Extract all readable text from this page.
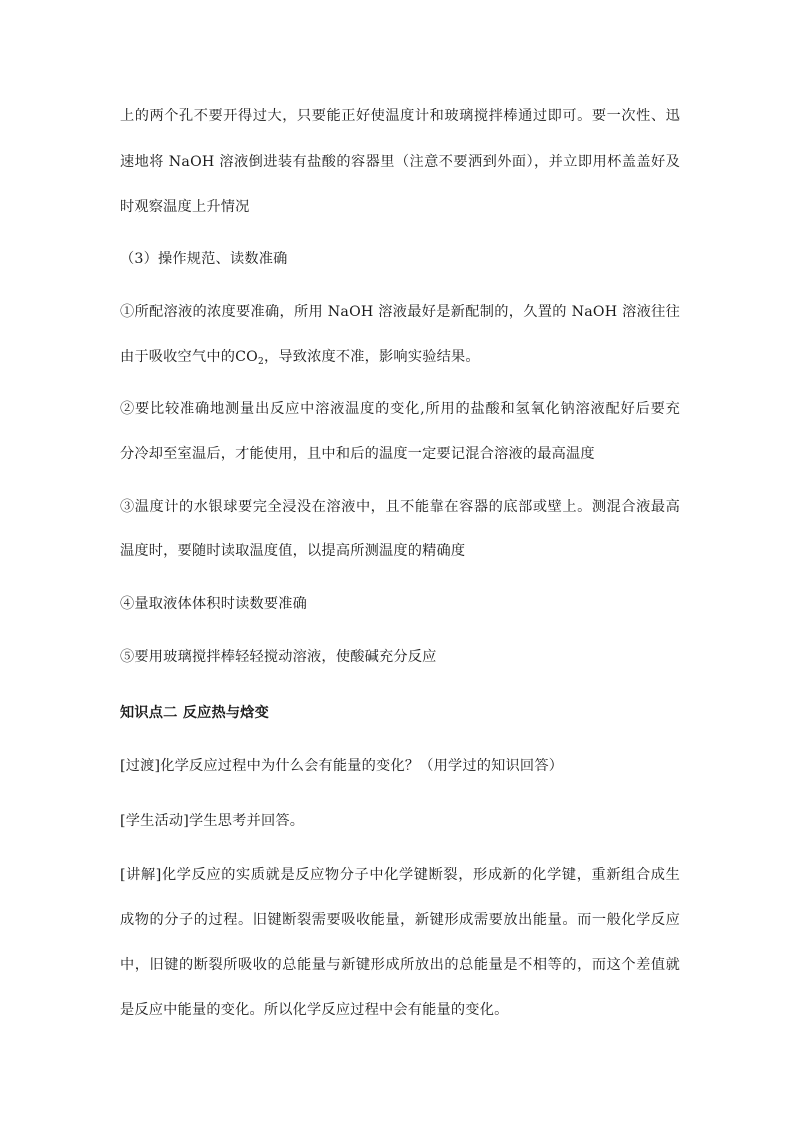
上的两个孔不要开得过大，只要能正好使温度计和玻璃搅拌棒通过即可。要一次性、迅
速地将 NaOH 溶液倒进装有盐酸的容器里（注意不要洒到外面），并立即用杯盖盖好及
时观察温度上升情况
（3）操作规范、读数准确
①所配溶液的浓度要准确，所用 NaOH 溶液最好是新配制的，久置的 NaOH 溶液往往
由于吸收空气中的$CO_2$，导致浓度不准，影响实验结果。
②要比较准确地测量出反应中溶液温度的变化,所用的盐酸和氢氧化钠溶液配好后要充
分冷却至室温后，才能使用，且中和后的温度一定要记混合溶液的最高温度
③温度计的水银球要完全浸没在溶液中，且不能靠在容器的底部或壁上。测混合液最高
温度时，要随时读取温度值，以提高所测温度的精确度
④量取液体体积时读数要准确
⑤要用玻璃搅拌棒轻轻搅动溶液，使酸碱充分反应
知识点二 反应热与焓变
[过渡]化学反应过程中为什么会有能量的变化？（用学过的知识回答）
[学生活动]学生思考并回答。
[讲解]化学反应的实质就是反应物分子中化学键断裂，形成新的化学键，重新组合成生
成物的分子的过程。旧键断裂需要吸收能量，新键形成需要放出能量。而一般化学反应
中，旧键的断裂所吸收的总能量与新键形成所放出的总能量是不相等的，而这个差值就
是反应中能量的变化。所以化学反应过程中会有能量的变化。
